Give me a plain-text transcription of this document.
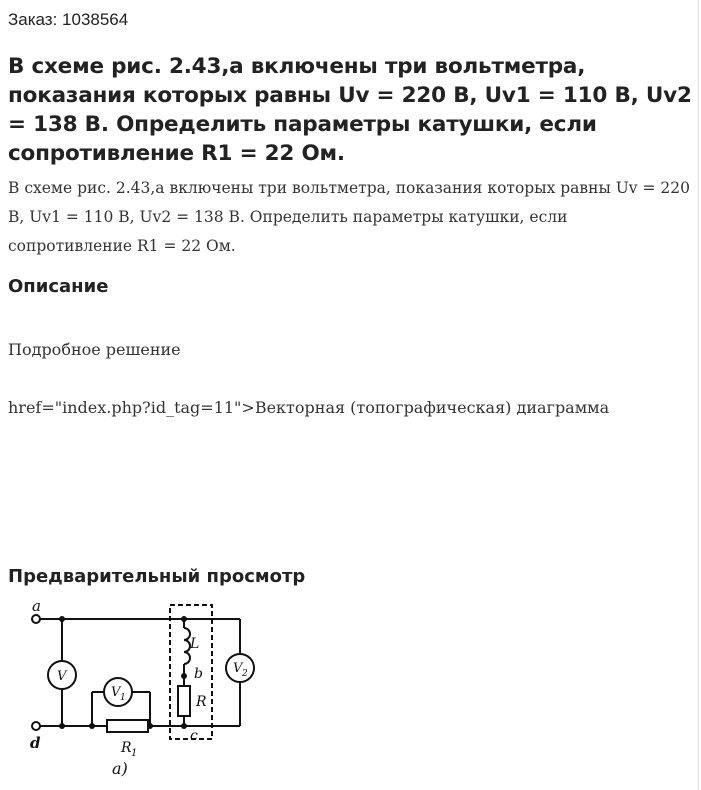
Заказ: 1038564
В схеме рис. 2.43,а включены три вольтметра, показания которых равны Uv = 220 В, Uv1 = 110 В, Uv2 = 138 В. Определить параметры катушки, если сопротивление R1 = 22 Ом.
В схеме рис. 2.43,а включены три вольтметра, показания которых равны Uv = 220 В, Uv1 = 110 В, Uv2 = 138 В. Определить параметры катушки, если сопротивление R1 = 22 Ом.
Описание
Подробное решение
href="index.php?id_tag=11">Векторная (топографическая) диаграмма
Предварительный просмотр
a
d
L
b
R
c
R 1
V
V 1
V 2
а)
